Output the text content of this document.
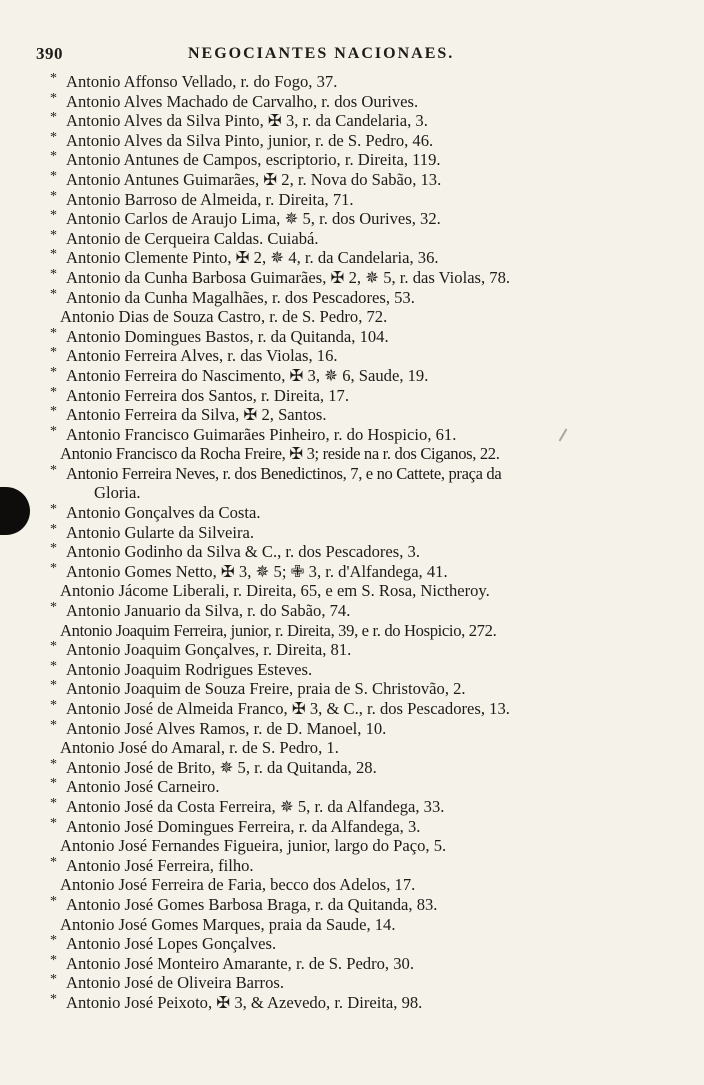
390	NEGOCIANTES NACIONAES.
* Antonio Affonso Vellado, r. do Fogo, 37.
* Antonio Alves Machado de Carvalho, r. dos Ourives.
* Antonio Alves da Silva Pinto, ✠ 3, r. da Candelaria, 3.
* Antonio Alves da Silva Pinto, junior, r. de S. Pedro, 46.
* Antonio Antunes de Campos, escriptorio, r. Direita, 119.
* Antonio Antunes Guimarães, ✠ 2, r. Nova do Sabão, 13.
* Antonio Barroso de Almeida, r. Direita, 71.
* Antonio Carlos de Araujo Lima, ✵ 5, r. dos Ourives, 32.
* Antonio de Cerqueira Caldas. Cuiabá.
* Antonio Clemente Pinto, ✠ 2, ✵ 4, r. da Candelaria, 36.
* Antonio da Cunha Barbosa Guimarães, ✠ 2, ✵ 5, r. das Violas, 78.
* Antonio da Cunha Magalhães, r. dos Pescadores, 53.
Antonio Dias de Souza Castro, r. de S. Pedro, 72.
* Antonio Domingues Bastos, r. da Quitanda, 104.
* Antonio Ferreira Alves, r. das Violas, 16.
* Antonio Ferreira do Nascimento, ✠ 3, ✵ 6, Saude, 19.
* Antonio Ferreira dos Santos, r. Direita, 17.
* Antonio Ferreira da Silva, ✠ 2, Santos.
* Antonio Francisco Guimarães Pinheiro, r. do Hospicio, 61.
Antonio Francisco da Rocha Freire, ✠ 3; reside na r. dos Ciganos, 22.
* Antonio Ferreira Neves, r. dos Benedictinos, 7, e no Cattete, praça da
Gloria.
* Antonio Gonçalves da Costa.
* Antonio Gularte da Silveira.
* Antonio Godinho da Silva & C., r. dos Pescadores, 3.
* Antonio Gomes Netto, ✠ 3, ✵ 5; ✙ 3, r. d'Alfandega, 41.
Antonio Jácome Liberali, r. Direita, 65, e em S. Rosa, Nictheroy.
* Antonio Januario da Silva, r. do Sabão, 74.
Antonio Joaquim Ferreira, junior, r. Direita, 39, e r. do Hospicio, 272.
* Antonio Joaquim Gonçalves, r. Direita, 81.
* Antonio Joaquim Rodrigues Esteves.
* Antonio Joaquim de Souza Freire, praia de S. Christovão, 2.
* Antonio José de Almeida Franco, ✠ 3, & C., r. dos Pescadores, 13.
* Antonio José Alves Ramos, r. de D. Manoel, 10.
Antonio José do Amaral, r. de S. Pedro, 1.
* Antonio José de Brito, ✵ 5, r. da Quitanda, 28.
* Antonio José Carneiro.
* Antonio José da Costa Ferreira, ✵ 5, r. da Alfandega, 33.
* Antonio José Domingues Ferreira, r. da Alfandega, 3.
Antonio José Fernandes Figueira, junior, largo do Paço, 5.
* Antonio José Ferreira, filho.
Antonio José Ferreira de Faria, becco dos Adelos, 17.
* Antonio José Gomes Barbosa Braga, r. da Quitanda, 83.
Antonio José Gomes Marques, praia da Saude, 14.
* Antonio José Lopes Gonçalves.
* Antonio José Monteiro Amarante, r. de S. Pedro, 30.
* Antonio José de Oliveira Barros.
* Antonio José Peixoto, ✠ 3, & Azevedo, r. Direita, 98.
